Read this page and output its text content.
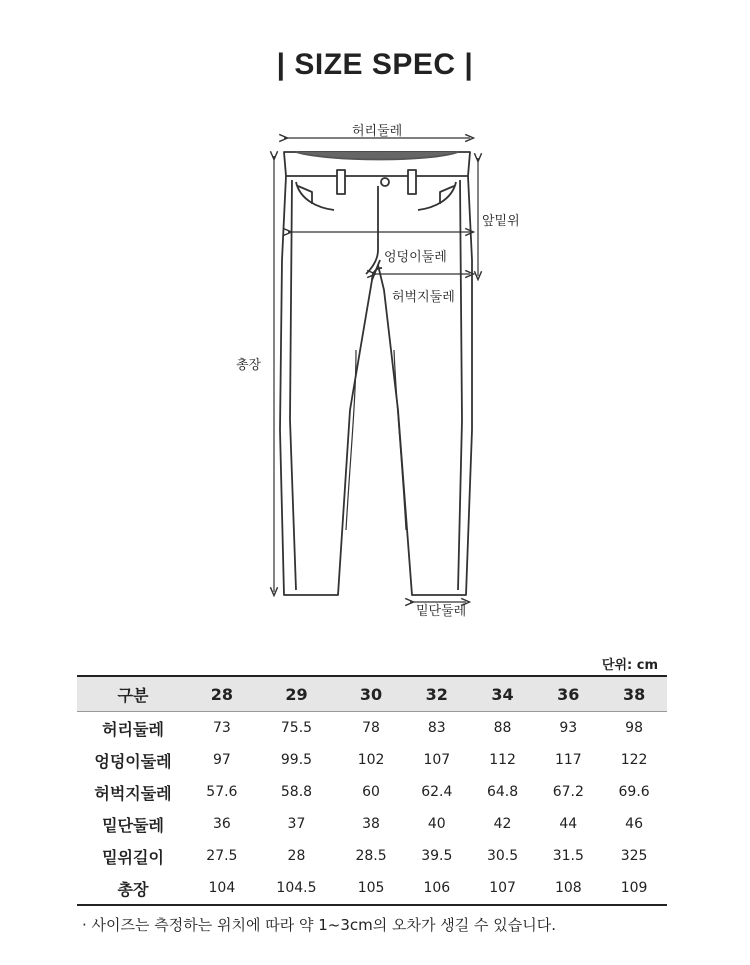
| SIZE SPEC |
허리둘레
앞밑위
엉덩이둘레
허벅지둘레
총장
밑단둘레
단위: cm
구분	28	29	30	32	34	36	38
허리둘레	73	75.5	78	83	88	93	98
엉덩이둘레	97	99.5	102	107	112	117	122
허벅지둘레	57.6	58.8	60	62.4	64.8	67.2	69.6
밑단둘레	36	37	38	40	42	44	46
밑위길이	27.5	28	28.5	39.5	30.5	31.5	325
총장	104	104.5	105	106	107	108	109
· 사이즈는 측정하는 위치에 따라 약 1~3cm의 오차가 생길 수 있습니다.
